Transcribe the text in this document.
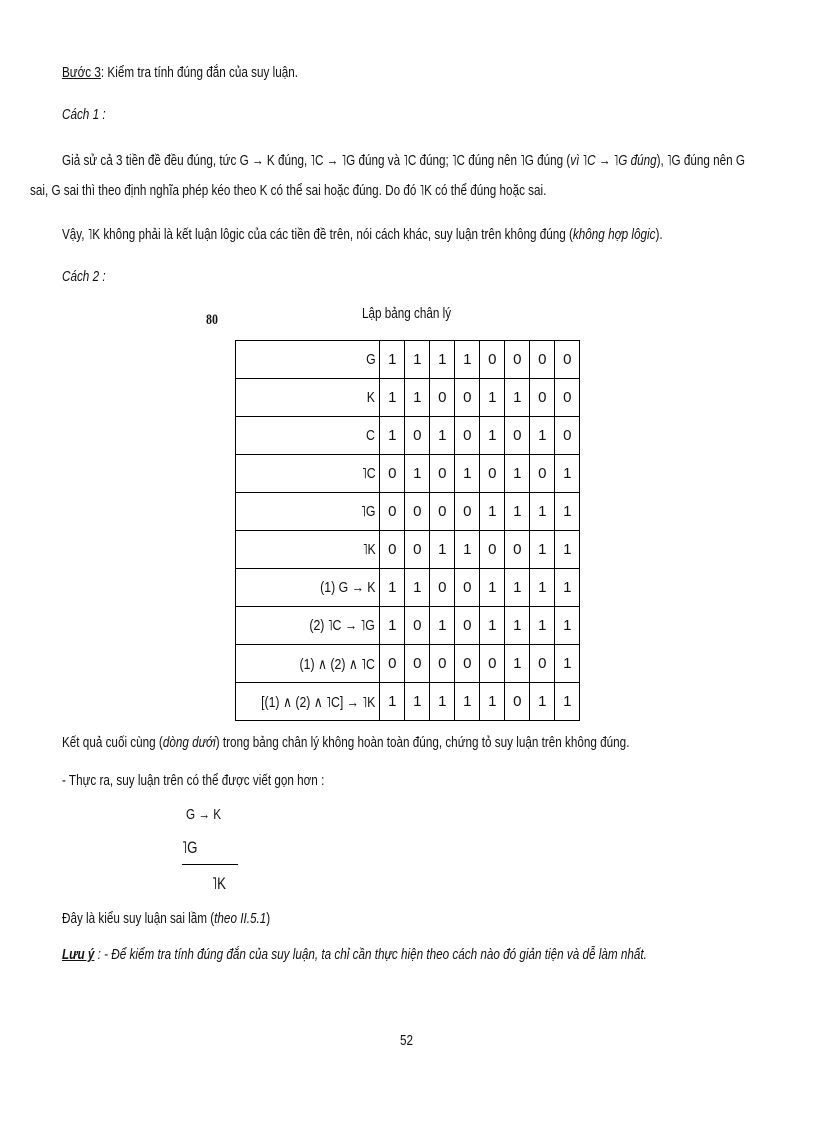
Bước 3: Kiểm tra tính đúng đắn của suy luận.
Cách 1 :
Giả sử cả 3 tiền đề đều đúng, tức G → K đúng, ˥C → ˥G đúng và ˥C đúng; ˥C đúng nên ˥G đúng (vì ˥C → ˥G đúng), ˥G đúng nên G
sai, G sai thì theo định nghĩa phép kéo theo K có thể sai hoặc đúng. Do đó ˥K có thể đúng hoặc sai.
Vậy, ˥K không phải là kết luận lôgic của các tiền đề trên, nói cách khác, suy luận trên không đúng (không hợp lôgic).
Cách 2 :
80	Lập bảng chân lý
G	1	1	1	1	0	0	0	0
K	1	1	0	0	1	1	0	0
C	1	0	1	0	1	0	1	0
˥C	0	1	0	1	0	1	0	1
˥G	0	0	0	0	1	1	1	1
˥K	0	0	1	1	0	0	1	1
(1) G → K	1	1	0	0	1	1	1	1
(2) ˥C → ˥G	1	0	1	0	1	1	1	1
(1) ∧ (2) ∧ ˥C	0	0	0	0	0	1	0	1
[(1) ∧ (2) ∧ ˥C] → ˥K	1	1	1	1	1	0	1	1
Kết quả cuối cùng (dòng dưới) trong bảng chân lý không hoàn toàn đúng, chứng tỏ suy luận trên không đúng.
- Thực ra, suy luận trên có thể được viết gọn hơn :
G → K
˥G
˥K
Đây là kiểu suy luận sai lầm (theo II.5.1)
Lưu ý : - Để kiểm tra tính đúng đắn của suy luận, ta chỉ cần thực hiện theo cách nào đó giản tiện và dễ làm nhất.
52
